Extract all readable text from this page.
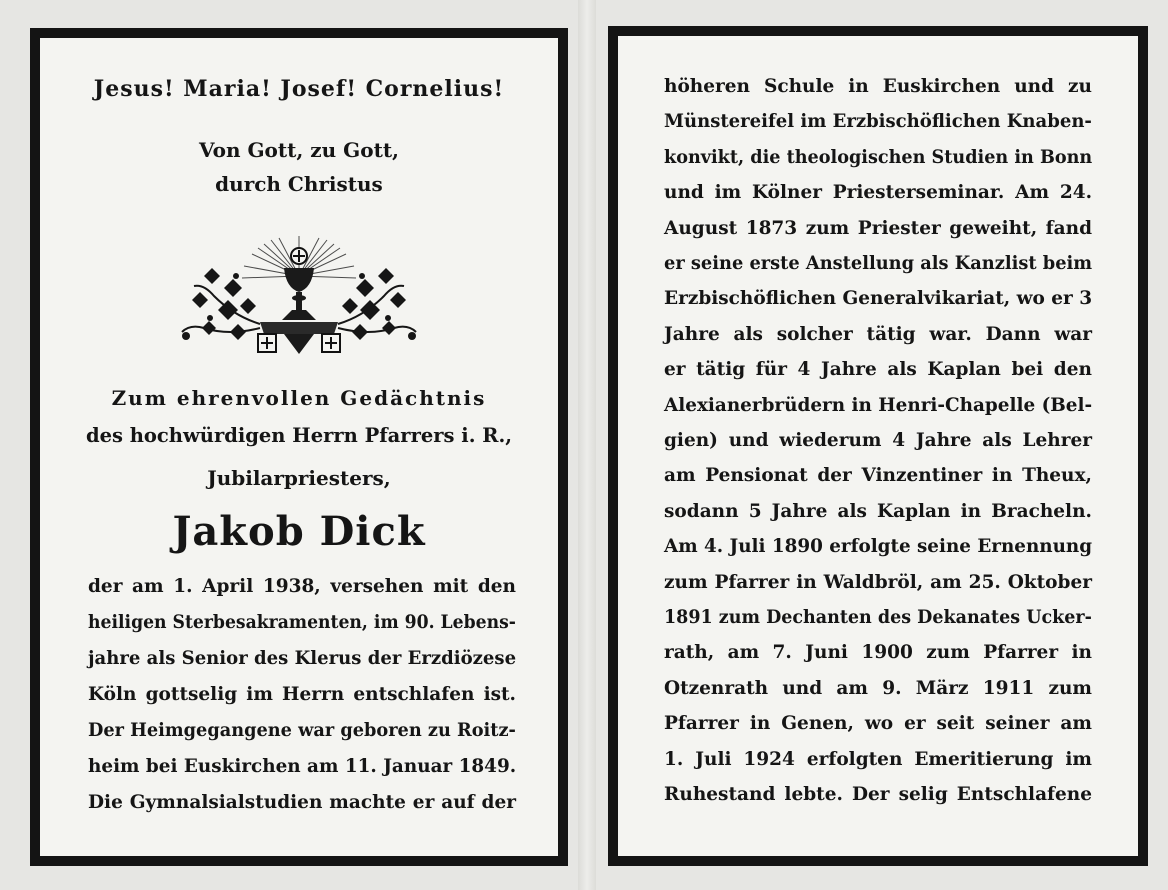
Jesus! Maria! Josef! Cornelius!
Von Gott, zu Gott,
durch Christus
Zum ehrenvollen Gedächtnis
des hochwürdigen Herrn Pfarrers i. R.,
Jubilarpriesters,
Jakob Dick
der am 1. April 1938, versehen mit den
heiligen Sterbesakramenten, im 90. Lebens-
jahre als Senior des Klerus der Erzdiözese
Köln gottselig im Herrn entschlafen ist.
Der Heimgegangene war geboren zu Roitz-
heim bei Euskirchen am 11. Januar 1849.
Die Gymnalsialstudien machte er auf der
höheren Schule in Euskirchen und zu
Münstereifel im Erzbischöflichen Knaben-
konvikt, die theologischen Studien in Bonn
und im Kölner Priesterseminar. Am 24.
August 1873 zum Priester geweiht, fand
er seine erste Anstellung als Kanzlist beim
Erzbischöflichen Generalvikariat, wo er 3
Jahre als solcher tätig war. Dann war
er tätig für 4 Jahre als Kaplan bei den
Alexianerbrüdern in Henri-Chapelle (Bel-
gien) und wiederum 4 Jahre als Lehrer
am Pensionat der Vinzentiner in Theux,
sodann 5 Jahre als Kaplan in Bracheln.
Am 4. Juli 1890 erfolgte seine Ernennung
zum Pfarrer in Waldbröl, am 25. Oktober
1891 zum Dechanten des Dekanates Ucker-
rath, am 7. Juni 1900 zum Pfarrer in
Otzenrath und am 9. März 1911 zum
Pfarrer in Genen, wo er seit seiner am
1. Juli 1924 erfolgten Emeritierung im
Ruhestand lebte. Der selig Entschlafene
